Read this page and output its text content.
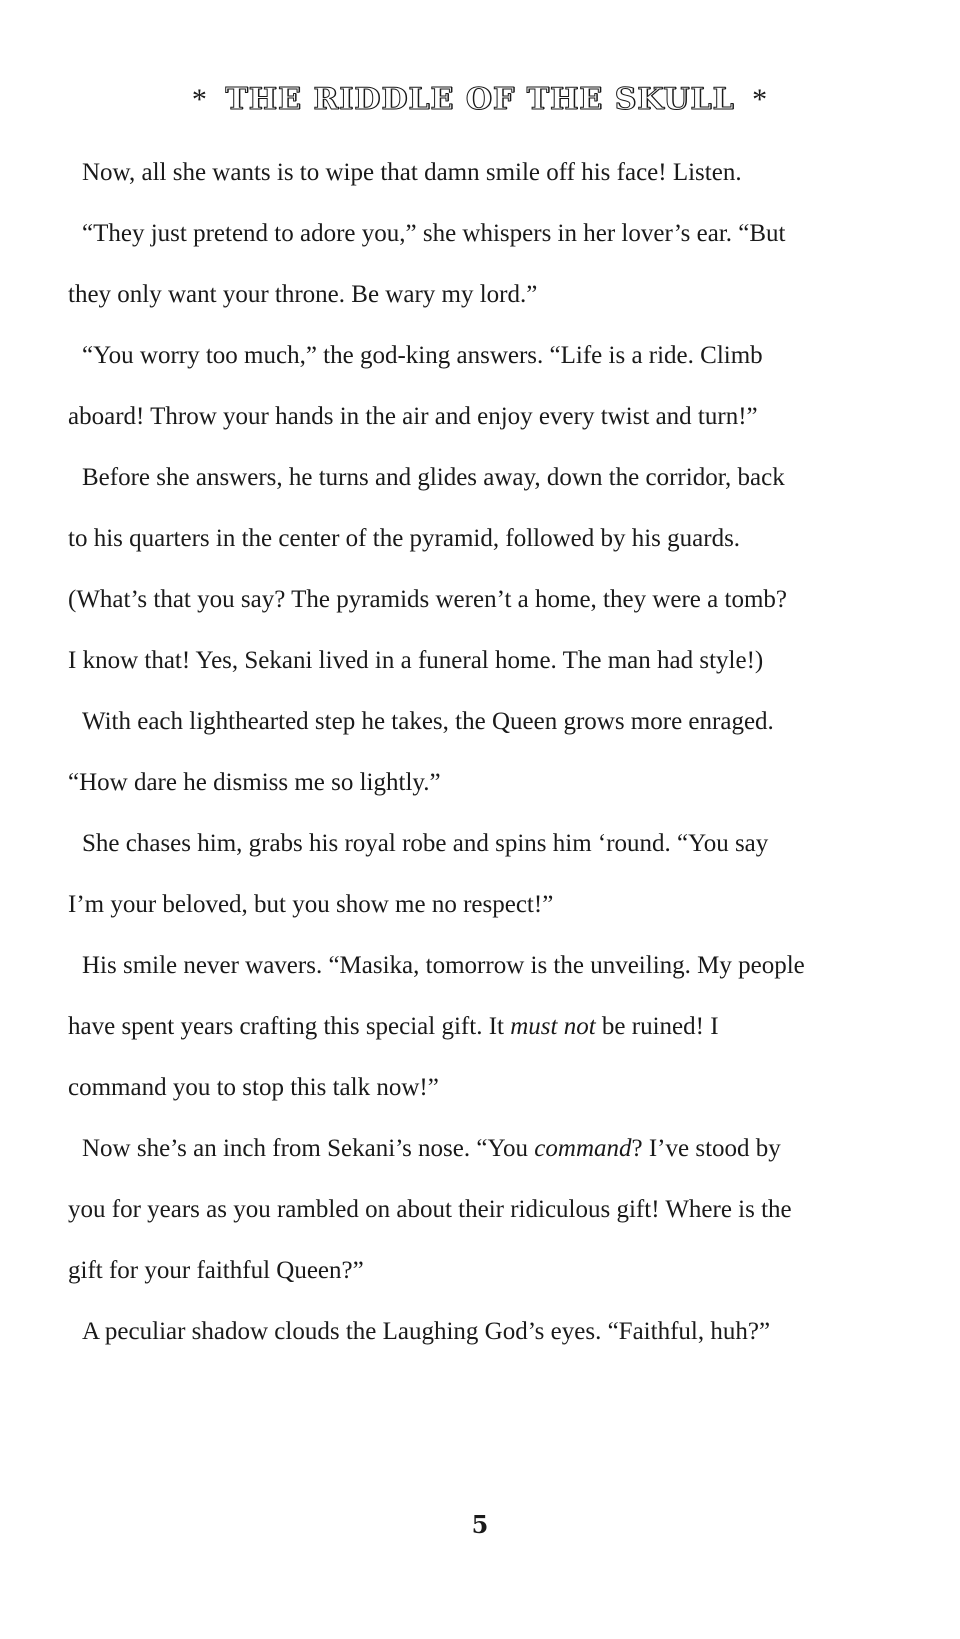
* THE RIDDLE OF THE SKULL *
Now, all she wants is to wipe that damn smile off his face! Listen.
“They just pretend to adore you,” she whispers in her lover’s ear. “But
they only want your throne. Be wary my lord.”
“You worry too much,” the god-king answers. “Life is a ride. Climb
aboard! Throw your hands in the air and enjoy every twist and turn!”
Before she answers, he turns and glides away, down the corridor, back
to his quarters in the center of the pyramid, followed by his guards.
(What’s that you say? The pyramids weren’t a home, they were a tomb?
I know that! Yes, Sekani lived in a funeral home. The man had style!)
With each lighthearted step he takes, the Queen grows more enraged.
“How dare he dismiss me so lightly.”
She chases him, grabs his royal robe and spins him ‘round. “You say
I’m your beloved, but you show me no respect!”
His smile never wavers. “Masika, tomorrow is the unveiling. My people
have spent years crafting this special gift. It must not be ruined! I
command you to stop this talk now!”
Now she’s an inch from Sekani’s nose. “You command? I’ve stood by
you for years as you rambled on about their ridiculous gift! Where is the
gift for your faithful Queen?”
A peculiar shadow clouds the Laughing God’s eyes. “Faithful, huh?”
5
